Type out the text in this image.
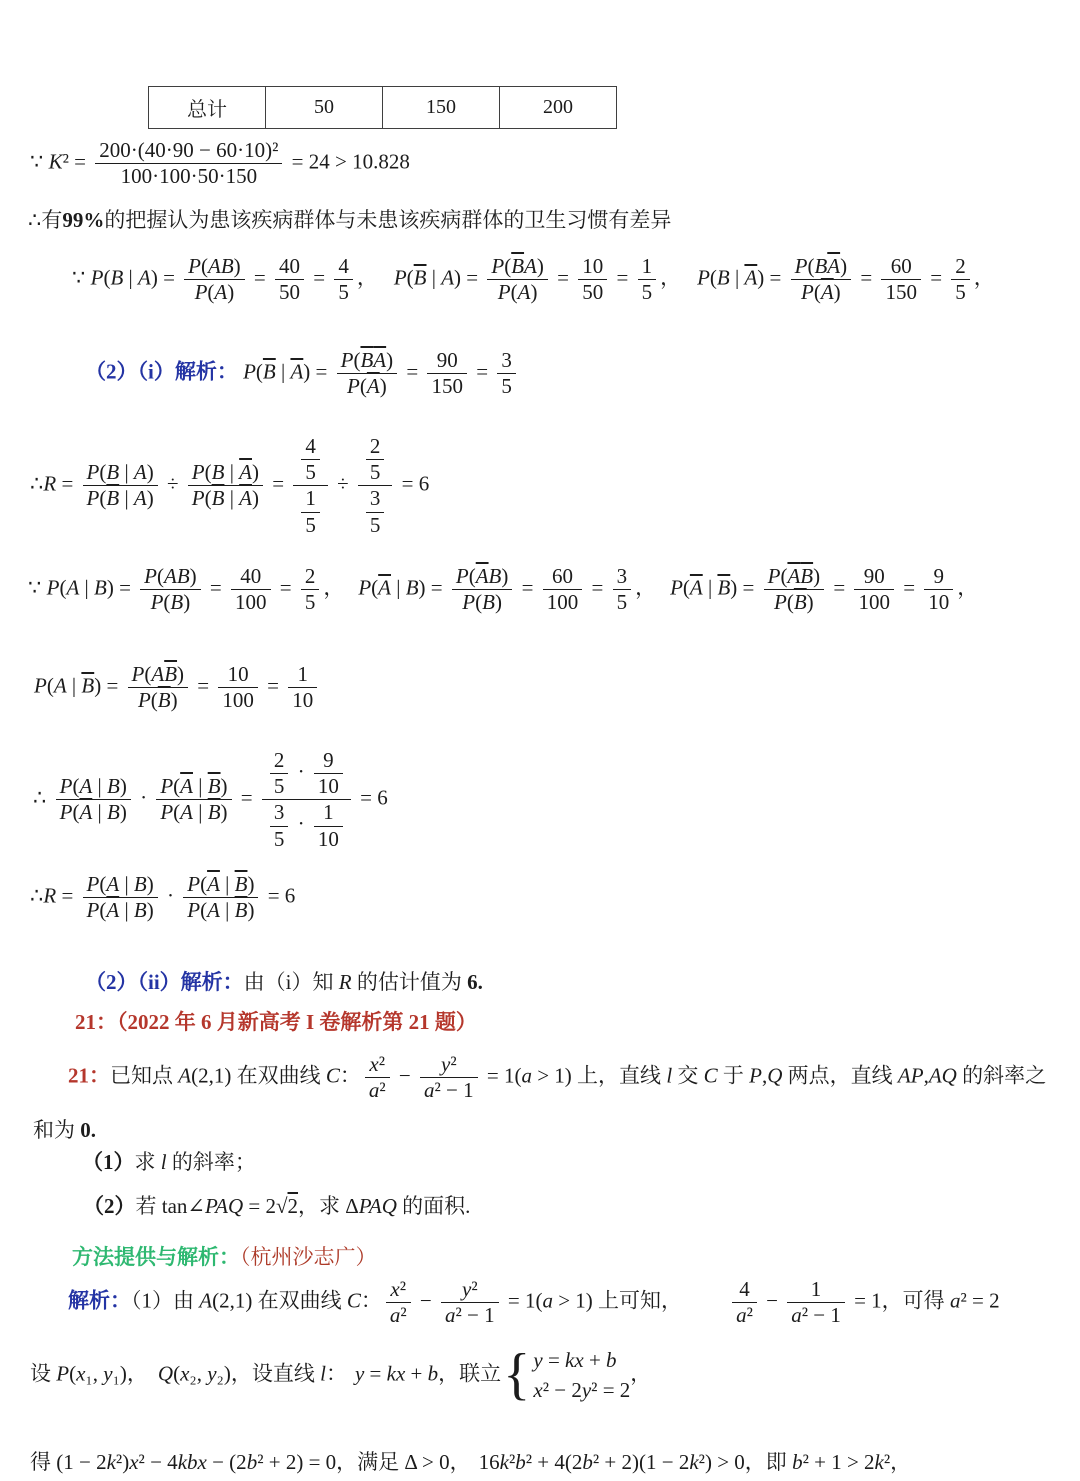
总计	50	150	200
∵ $K^2 = \frac{\text{200·(40·90 − 60·10)²}}{100\cdot 100\cdot 50\cdot 150} = 24 > 10.828$
∴有99%的把握认为患该疾病群体与未患该疾病群体的卫生习惯有差异
∵ P(B | $A) = \frac{P(AB)}{P(A)} = \frac{40}{50} = \frac{4}{5}$ ， $P(\overline{B}$ | $A) = \frac{P(\overline{B}A)}{P(A)} = \frac{10}{50} = \frac{1}{5}$ ， P(B | $\overline{A}) = \frac{P(B\overline{A})}{P(\overline{A})} = \frac{60}{150} = \frac{2}{5}$ ，
（2）（i）解析： $P(\overline{B}$ | $\overline{A}) = \frac{P(\overline{B}\overline{A})}{P(\overline{A})} = \frac{90}{150} = \frac{3}{5}$
∴R = $\frac{P(B | A)}{P(\overline{B} | A)} \div \frac{P(B | \overline{A})}{P(\overline{B} | \overline{A})} = \frac{\frac{4}{5}}{\frac{1}{5}} \div \frac{\frac{2}{5}}{\frac{3}{5}} = 6$
∵ P(A | $B) = \frac{P(AB)}{P(B)} = \frac{40}{100} = \frac{2}{5}$ ， $P(\overline{A}$ | $B) = \frac{P(\overline{A}B)}{P(B)} = \frac{60}{100} = \frac{3}{5}$ ， $P(\overline{A}$ | $\overline{B}) = \frac{P(\overline{A}\overline{B})}{P(\overline{B})} = \frac{90}{100} = \frac{9}{10}$ ，
P(A | $\overline{B}) = \frac{P(A\overline{B})}{P(\overline{B})} = \frac{10}{100} = \frac{1}{10}$
∴ $\frac{P(A | B)}{P(\overline{A} | B)} \cdot \frac{P(\overline{A} | \overline{B})}{P(A | \overline{B})} = \frac{\frac{2}{5} \cdot \frac{9}{10}}{\frac{3}{5} \cdot \frac{1}{10}} = 6$
∴R = $\frac{P(A | B)}{P(\overline{A} | B)} \cdot \frac{P(\overline{A} | \overline{B})}{P(A | \overline{B})} = 6$
（2）（ii）解析：由（i）知 R 的估计值为 6.
21：（2022 年 6 月新高考 I 卷解析第 21 题）
21：已知点 A(2,1) 在双曲线 C： $\frac{\text{x²}}{\text{a²}} - \frac{\text{y²}}{\text{a² − 1}} = 1(a > 1)$ 上，直线 l 交 C 于 P,Q 两点，直线 AP,AQ 的斜率之
和为 0.
（1）求 l 的斜率；
（2）若 tan∠PAQ = 2√2，求 ΔPAQ 的面积.
方法提供与解析：（杭州沙志广）
解析：（1）由 A(2,1) 在双曲线 C： $\frac{\text{x²}}{\text{a²}} - \frac{\text{y²}}{\text{a² − 1}} = 1(a > 1)$ 上可知， $\frac{4}{\text{a²}} - \frac{1}{\text{a² − 1}} = 1$，可得 a² = 2
设 P(x₁, y₁)， Q(x₂, y₂)，设直线 l： y = kx + b，联立 { y = kx + b
x² − 2y² = 2
，
得 (1 − 2k²)x² − 4kbx − (2b² + 2) = 0，满足 Δ > 0， 16k²b² + 4(2b² + 2)(1 − 2k²) > 0，即 b² + 1 > 2k²，
